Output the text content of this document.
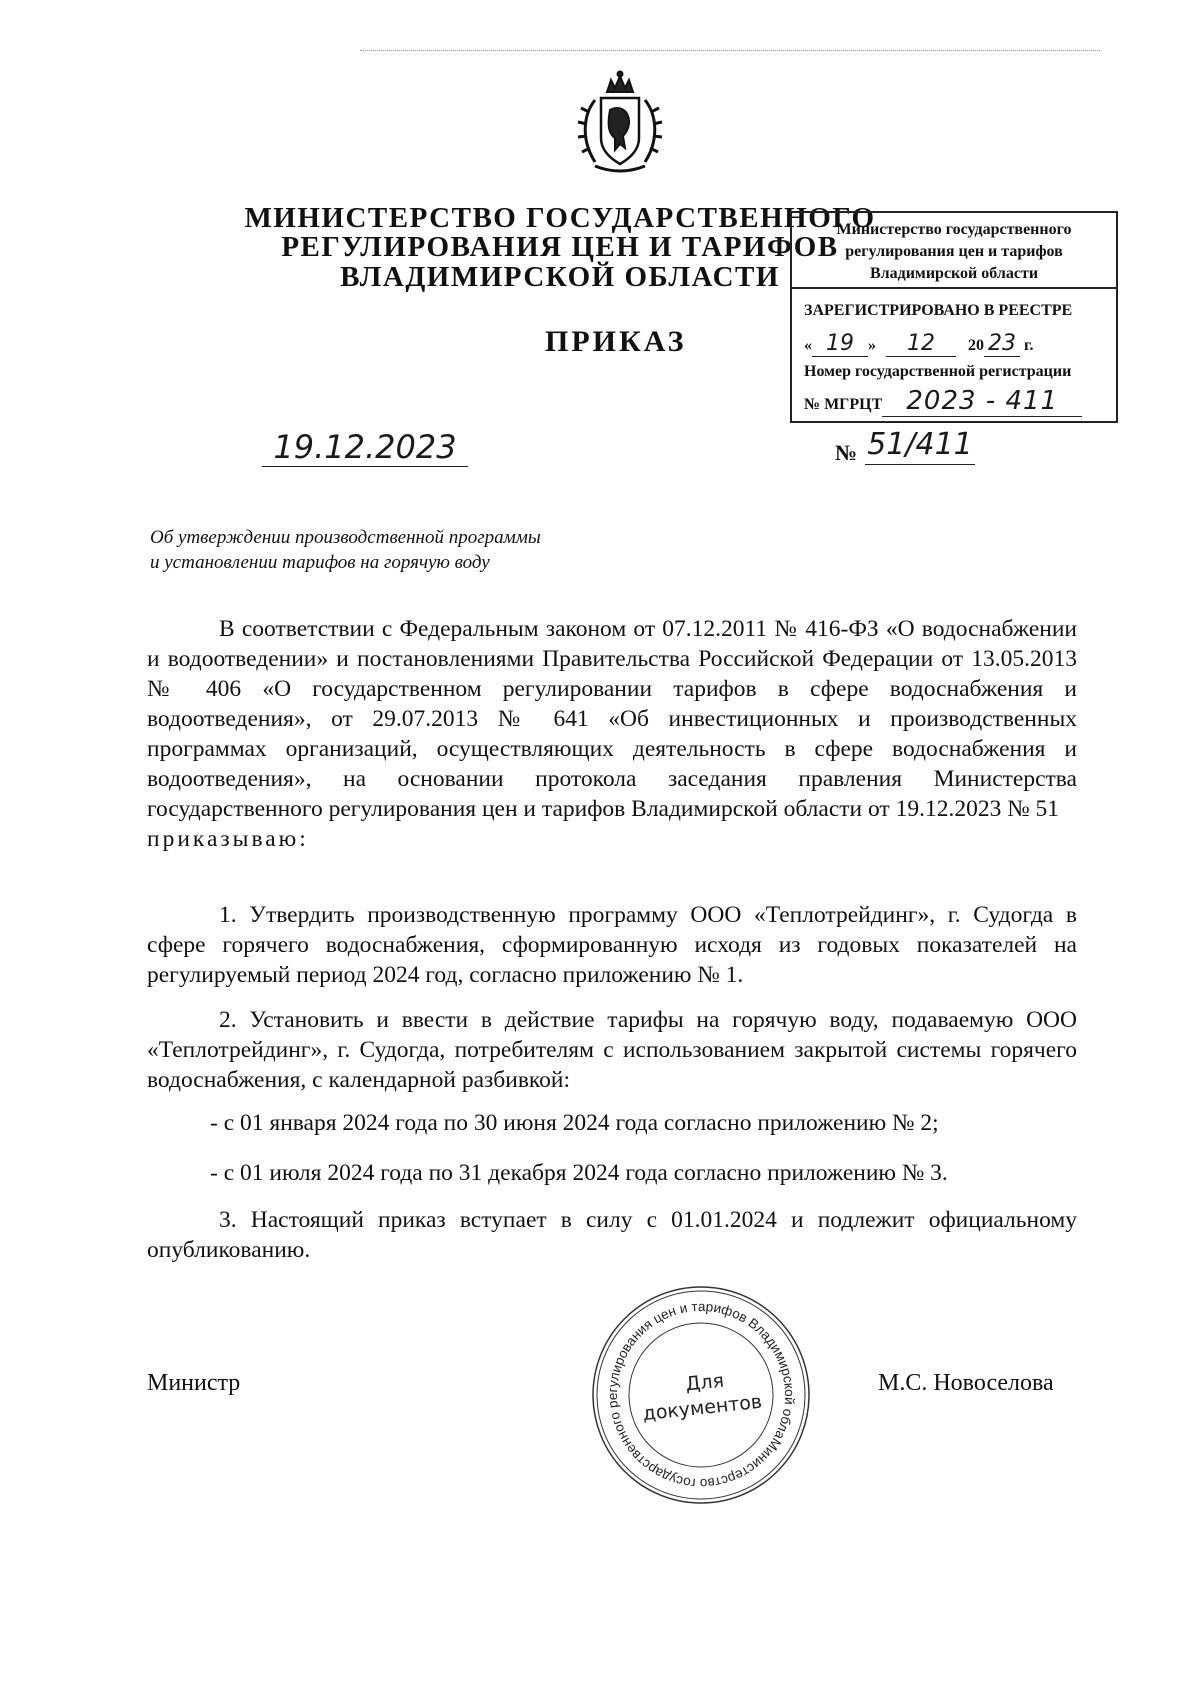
МИНИСТЕРСТВО ГОСУДАРСТВЕННОГО
РЕГУЛИРОВАНИЯ ЦЕН И ТАРИФОВ
ВЛАДИМИРСКОЙ ОБЛАСТИ
Министерство государственного
регулирования цен и тарифов
Владимирской области
ЗАРЕГИСТРИРОВАНО В РЕЕСТРЕ
« 19 » 12 20 23 г.
Номер государственной регистрации
№ МГРЦТ 2023 - 411
ПРИКАЗ
19.12.2023	№ 51/411
Об утверждении производственной программы и установлении тарифов на горячую воду
В соответствии с Федеральным законом от 07.12.2011 № 416-ФЗ «О водоснабжении и водоотведении» и постановлениями Правительства Российской Федерации от 13.05.2013 № 406 «О государственном регулировании тарифов в сфере водоснабжения и водоотведения», от 29.07.2013 № 641 «Об инвестиционных и производственных программах организаций, осуществляющих деятельность в сфере водоснабжения и водоотведения», на основании протокола заседания правления Министерства государственного регулирования цен и тарифов Владимирской области от 19.12.2023 № 51
приказываю:
1. Утвердить производственную программу ООО «Теплотрейдинг», г. Судогда в сфере горячего водоснабжения, сформированную исходя из годовых показателей на регулируемый период 2024 год, согласно приложению № 1.
2. Установить и ввести в действие тарифы на горячую воду, подаваемую ООО «Теплотрейдинг», г. Судогда, потребителям с использованием закрытой системы горячего водоснабжения, с календарной разбивкой:
- с 01 января 2024 года по 30 июня 2024 года согласно приложению № 2;
- с 01 июля 2024 года по 31 декабря 2024 года согласно приложению № 3.
3. Настоящий приказ вступает в силу с 01.01.2024 и подлежит официальному опубликованию.
Министр	М.С. Новоселова
Министерство государственного регулирования цен и тарифов Владимирской области
Для
документов
